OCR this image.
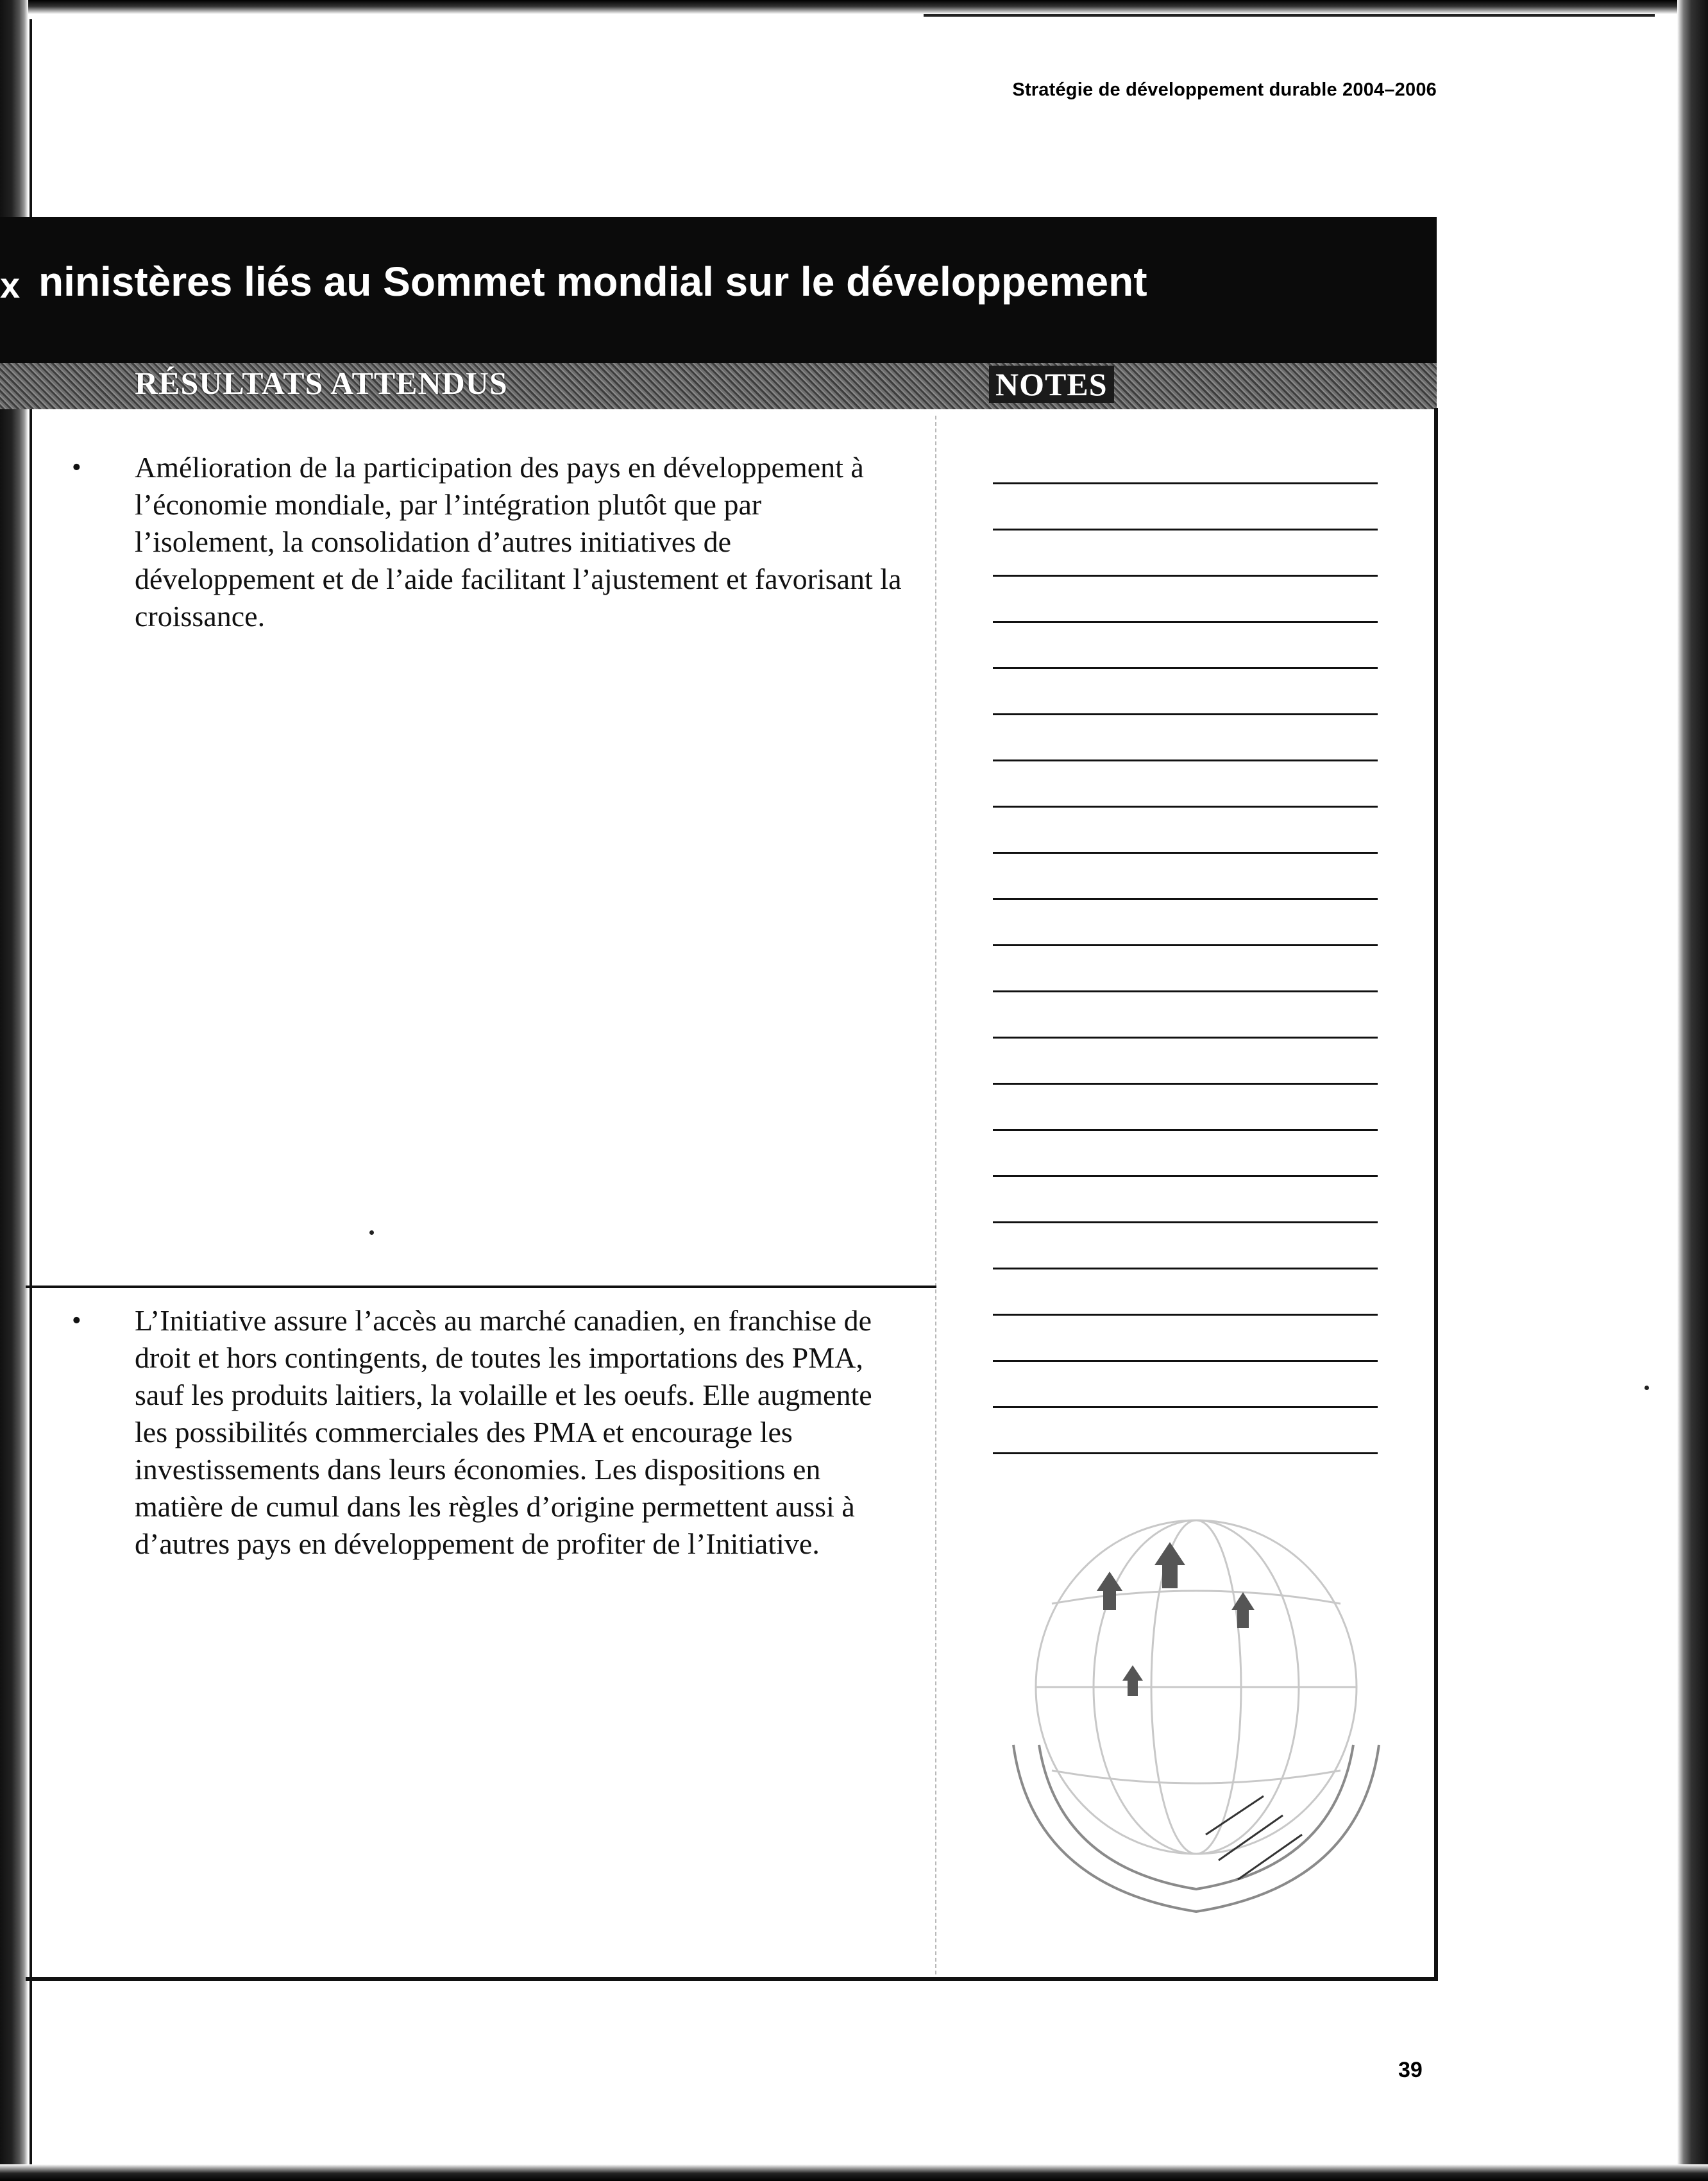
Stratégie de développement durable 2004–2006
x ninistères liés au Sommet mondial sur le développement
RÉSULTATS ATTENDUS	NOTES
•	Amélioration de la participation des pays en développement à l’économie mondiale, par l’intégration plutôt que par l’isolement, la consolidation d’autres initiatives de développement et de l’aide facilitant l’ajustement et favorisant la croissance.
•	L’Initiative assure l’accès au marché canadien, en franchise de droit et hors contingents, de toutes les importations des PMA, sauf les produits laitiers, la volaille et les oeufs. Elle augmente les possibilités commerciales des PMA et encourage les investissements dans leurs économies. Les dispositions en matière de cumul dans les règles d’origine permettent aussi à d’autres pays en développement de profiter de l’Initiative.
39
